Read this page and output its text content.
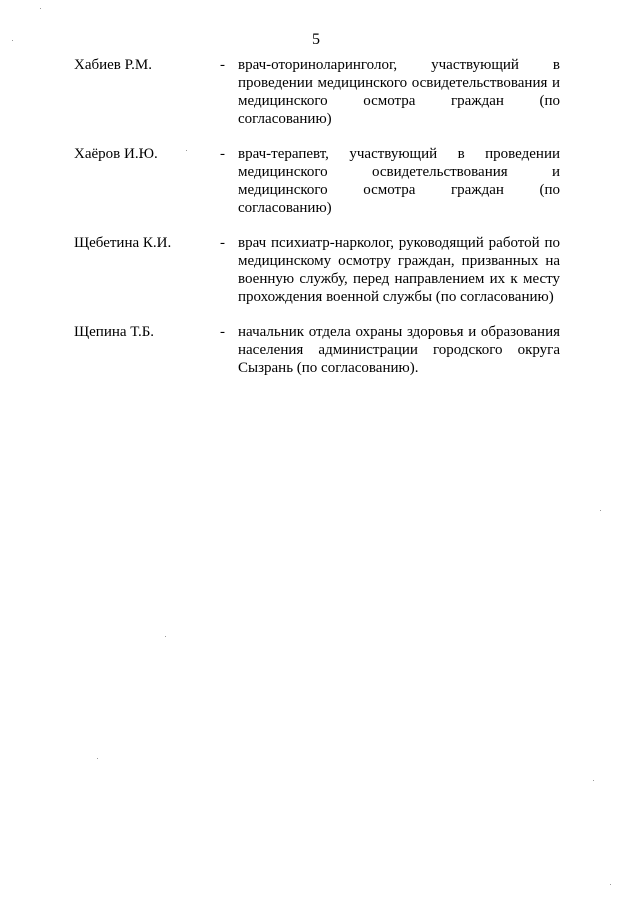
5
Хабиев Р.М.	- врач-оториноларинголог, участвующий в проведении медицинского освидетельствования и медицинского осмотра граждан (по согласованию)
Хаёров И.Ю.	- врач-терапевт, участвующий в проведении медицинского освидетельствования и медицинского осмотра граждан (по согласованию)
Щебетина К.И.	- врач психиатр-нарколог, руководящий работой по медицинскому осмотру граждан, призванных на военную службу, перед направлением их к месту прохождения военной службы (по согласованию)
Щепина Т.Б.	- начальник отдела охраны здоровья и образования населения администрации городского округа Сызрань (по согласованию).
